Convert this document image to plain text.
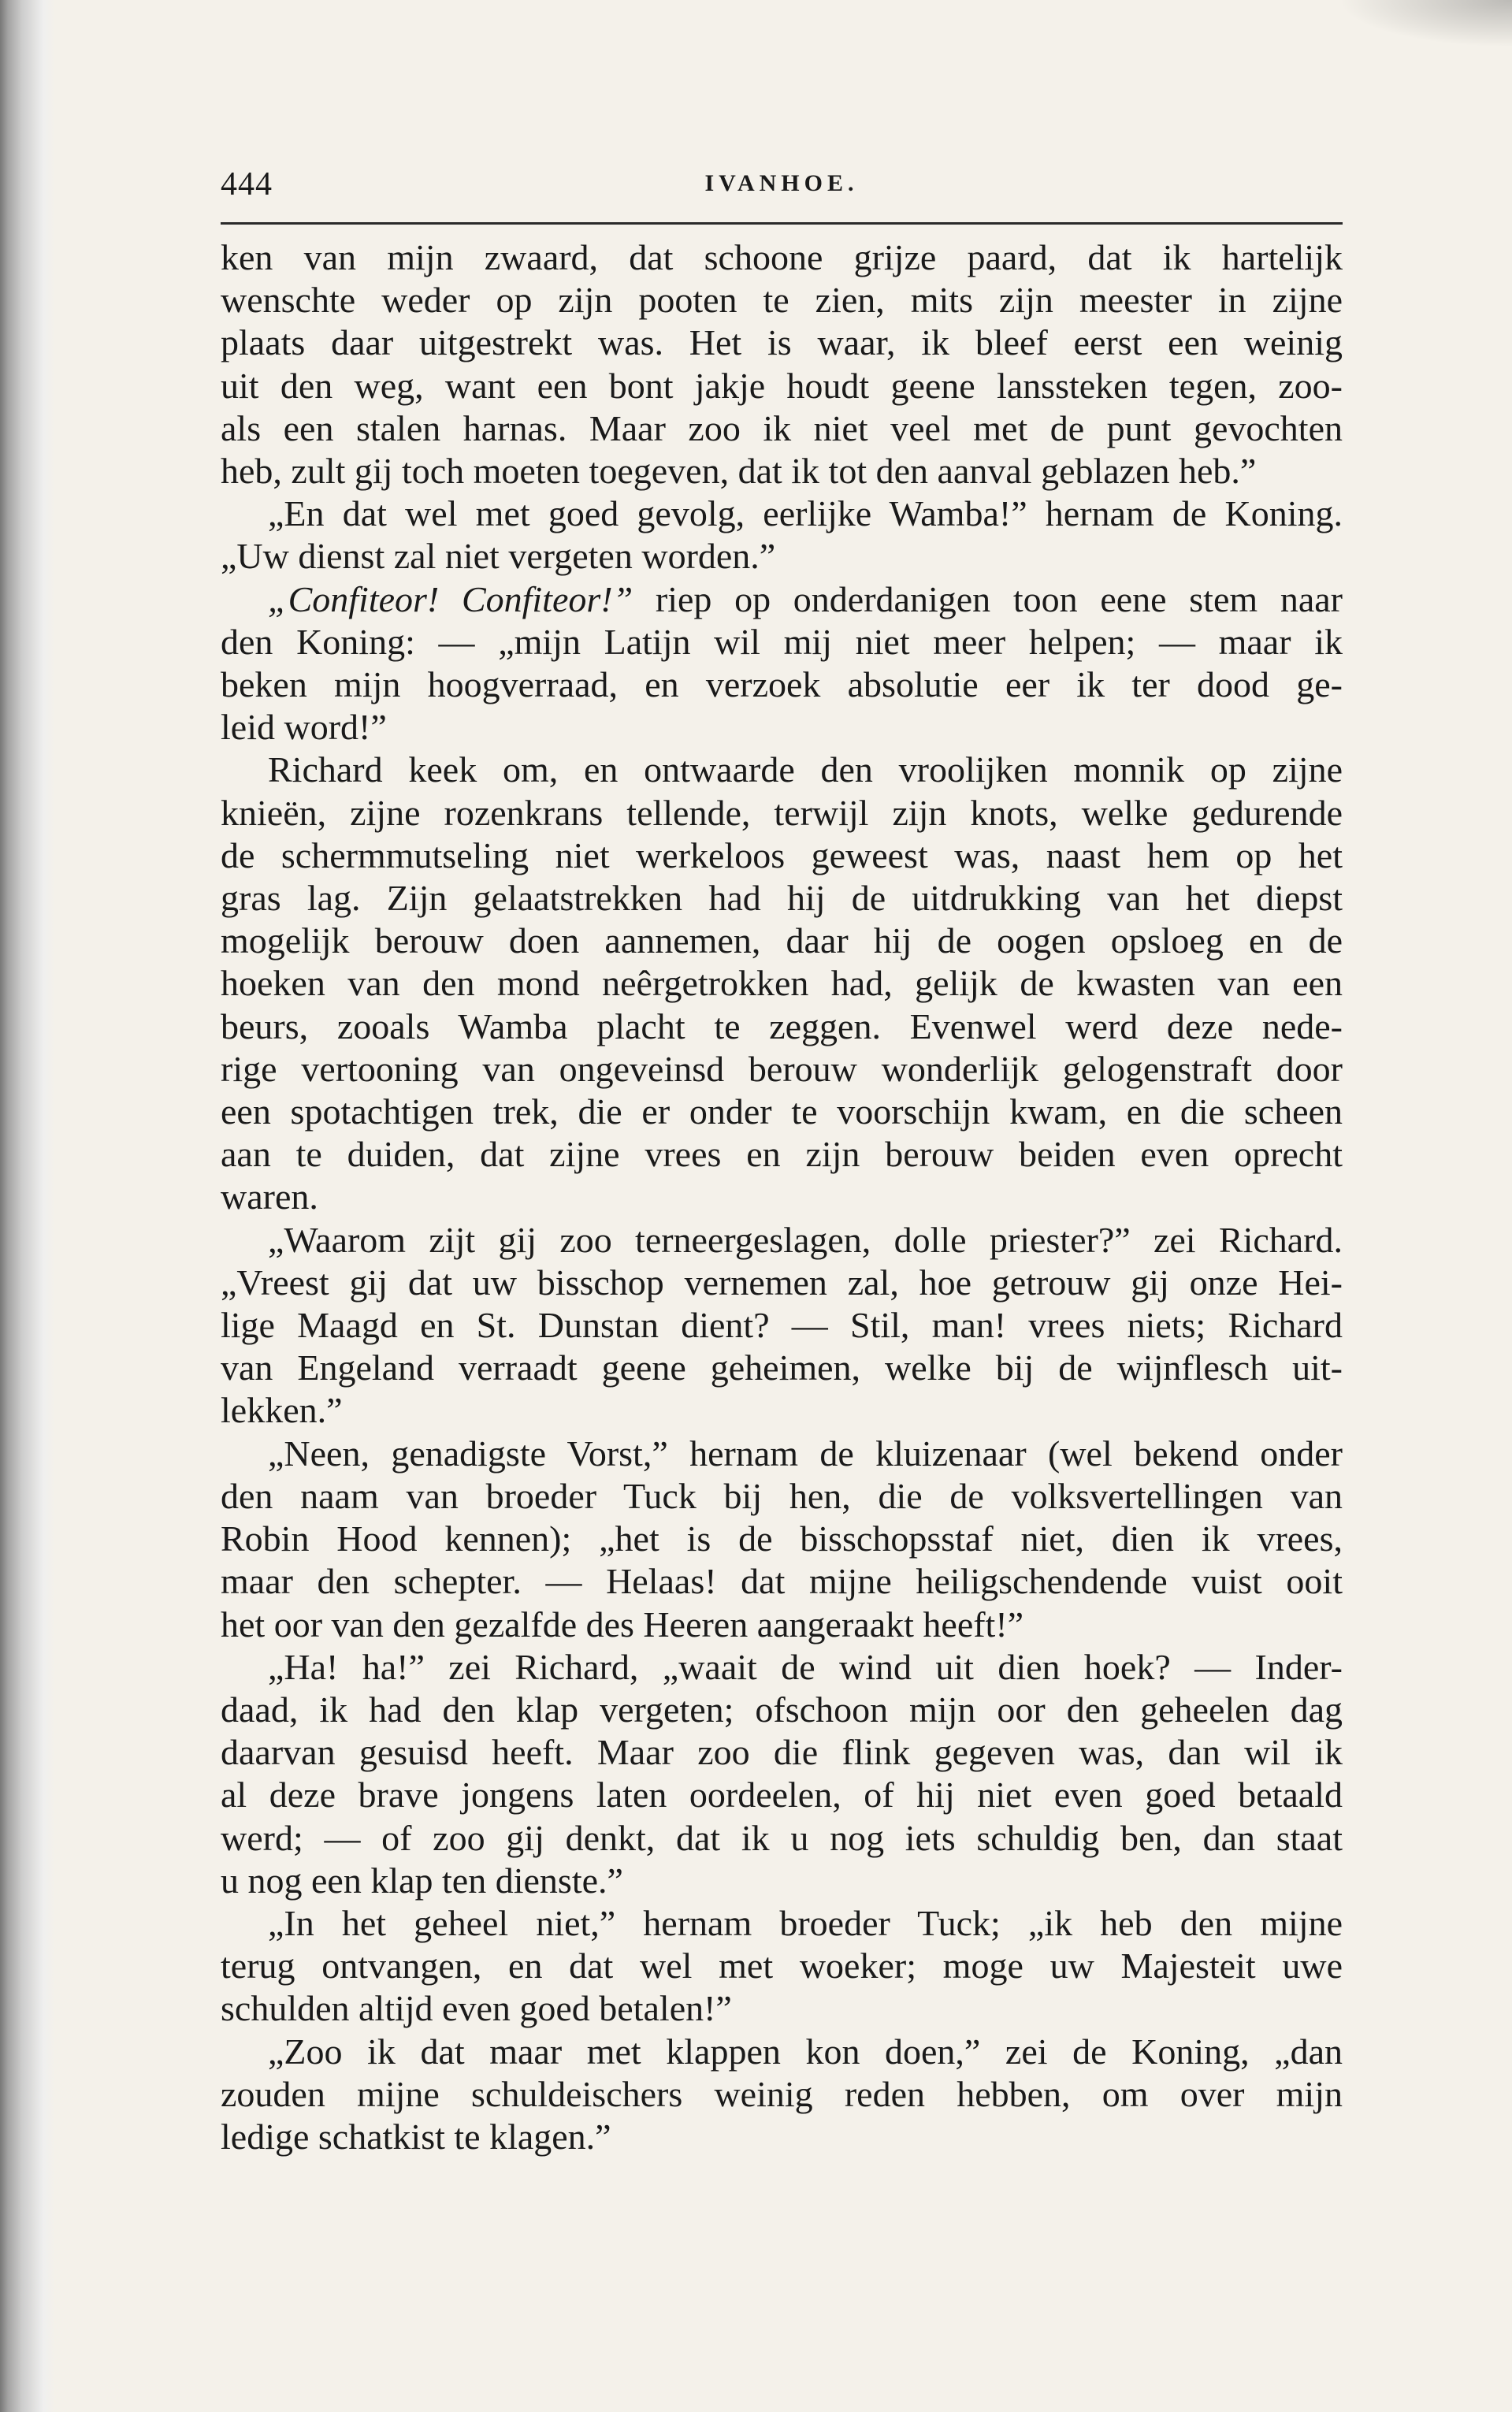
444	IVANHOE.
ken van mijn zwaard, dat schoone grijze paard, dat ik hartelijk
wenschte weder op zijn pooten te zien, mits zijn meester in zijne
plaats daar uitgestrekt was. Het is waar, ik bleef eerst een weinig
uit den weg, want een bont jakje houdt geene lanssteken tegen, zoo-
als een stalen harnas. Maar zoo ik niet veel met de punt gevochten
heb, zult gij toch moeten toegeven, dat ik tot den aanval geblazen heb.”
„En dat wel met goed gevolg, eerlijke Wamba!” hernam de Koning.
„Uw dienst zal niet vergeten worden.”
„Confiteor! Confiteor!” riep op onderdanigen toon eene stem naar
den Koning: — „mijn Latijn wil mij niet meer helpen; — maar ik
beken mijn hoogverraad, en verzoek absolutie eer ik ter dood ge-
leid word!”
Richard keek om, en ontwaarde den vroolijken monnik op zijne
knieën, zijne rozenkrans tellende, terwijl zijn knots, welke gedurende
de schermmutseling niet werkeloos geweest was, naast hem op het
gras lag. Zijn gelaatstrekken had hij de uitdrukking van het diepst
mogelijk berouw doen aannemen, daar hij de oogen opsloeg en de
hoeken van den mond neêrgetrokken had, gelijk de kwasten van een
beurs, zooals Wamba placht te zeggen. Evenwel werd deze nede-
rige vertooning van ongeveinsd berouw wonderlijk gelogenstraft door
een spotachtigen trek, die er onder te voorschijn kwam, en die scheen
aan te duiden, dat zijne vrees en zijn berouw beiden even oprecht
waren.
„Waarom zijt gij zoo terneergeslagen, dolle priester?” zei Richard.
„Vreest gij dat uw bisschop vernemen zal, hoe getrouw gij onze Hei-
lige Maagd en St. Dunstan dient? — Stil, man! vrees niets; Richard
van Engeland verraadt geene geheimen, welke bij de wijnflesch uit-
lekken.”
„Neen, genadigste Vorst,” hernam de kluizenaar (wel bekend onder
den naam van broeder Tuck bij hen, die de volksvertellingen van
Robin Hood kennen); „het is de bisschopsstaf niet, dien ik vrees,
maar den schepter. — Helaas! dat mijne heiligschendende vuist ooit
het oor van den gezalfde des Heeren aangeraakt heeft!”
„Ha! ha!” zei Richard, „waait de wind uit dien hoek? — Inder-
daad, ik had den klap vergeten; ofschoon mijn oor den geheelen dag
daarvan gesuisd heeft. Maar zoo die flink gegeven was, dan wil ik
al deze brave jongens laten oordeelen, of hij niet even goed betaald
werd; — of zoo gij denkt, dat ik u nog iets schuldig ben, dan staat
u nog een klap ten dienste.”
„In het geheel niet,” hernam broeder Tuck; „ik heb den mijne
terug ontvangen, en dat wel met woeker; moge uw Majesteit uwe
schulden altijd even goed betalen!”
„Zoo ik dat maar met klappen kon doen,” zei de Koning, „dan
zouden mijne schuldeischers weinig reden hebben, om over mijn
ledige schatkist te klagen.”
